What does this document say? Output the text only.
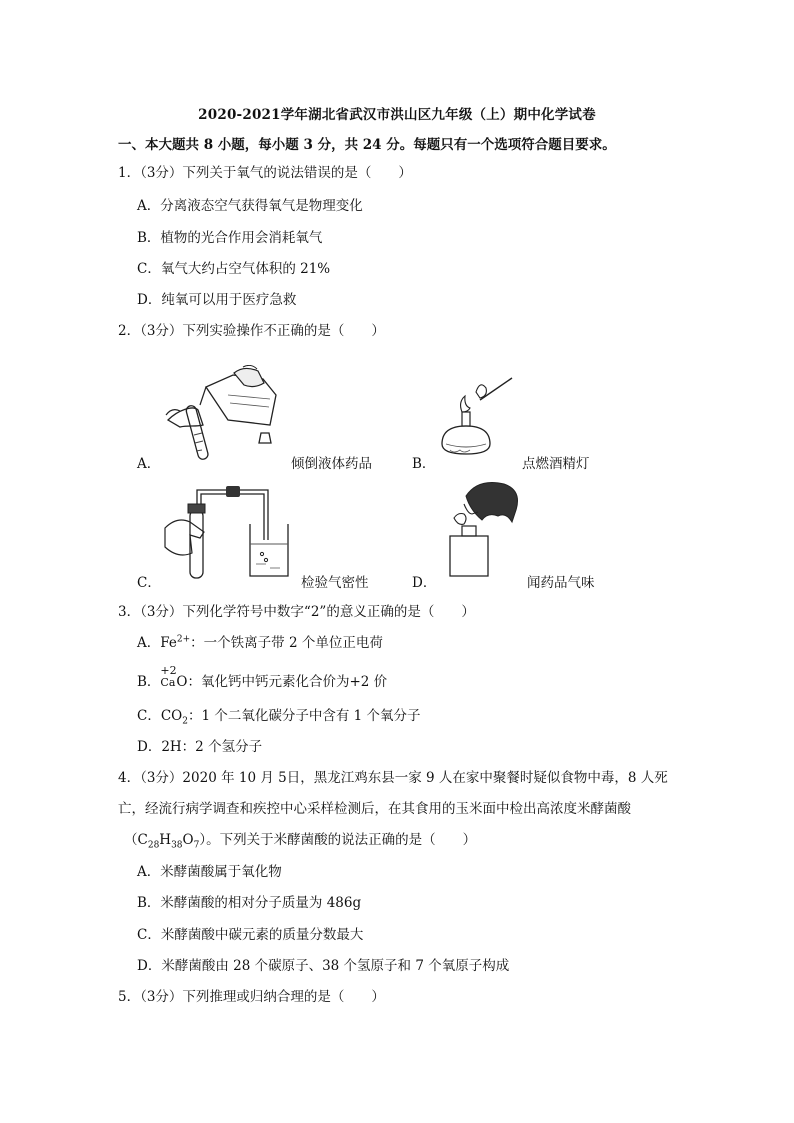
2020-2021学年湖北省武汉市洪山区九年级（上）期中化学试卷
一、本大题共 8 小题，每小题 3 分，共 24 分。每题只有一个选项符合题目要求。
1．（3分）下列关于氧气的说法错误的是（　　）
A．分离液态空气获得氧气是物理变化
B．植物的光合作用会消耗氧气
C．氧气大约占空气体积的 21%
D．纯氧可以用于医疗急救
2．（3分）下列实验操作不正确的是（　　）
A．	倾倒液体药品	B．	点燃酒精灯
C．	检验气密性	D．	闻药品气味
3．（3分）下列化学符号中数字“2”的意义正确的是（　　）
A．$Fe^{2+}$：一个铁离子带 2 个单位正电荷
B．
+2
CaO：氧化钙中钙元素化合价为+2 价
C．$CO_2$：1 个二氧化碳分子中含有 1 个氧分子
D．2H：2 个氢分子
4．（3分）2020 年 10 月 5日，黑龙江鸡东县一家 9 人在家中聚餐时疑似食物中毒，8 人死
亡，经流行病学调查和疾控中心采样检测后，在其食用的玉米面中检出高浓度米酵菌酸
$(C_{28}H_{38}O_7)$。下列关于米酵菌酸的说法正确的是（　　）
A．米酵菌酸属于氧化物
B．米酵菌酸的相对分子质量为 486g
C．米酵菌酸中碳元素的质量分数最大
D．米酵菌酸由 28 个碳原子、38 个氢原子和 7 个氧原子构成
5．（3分）下列推理或归纳合理的是（　　）
